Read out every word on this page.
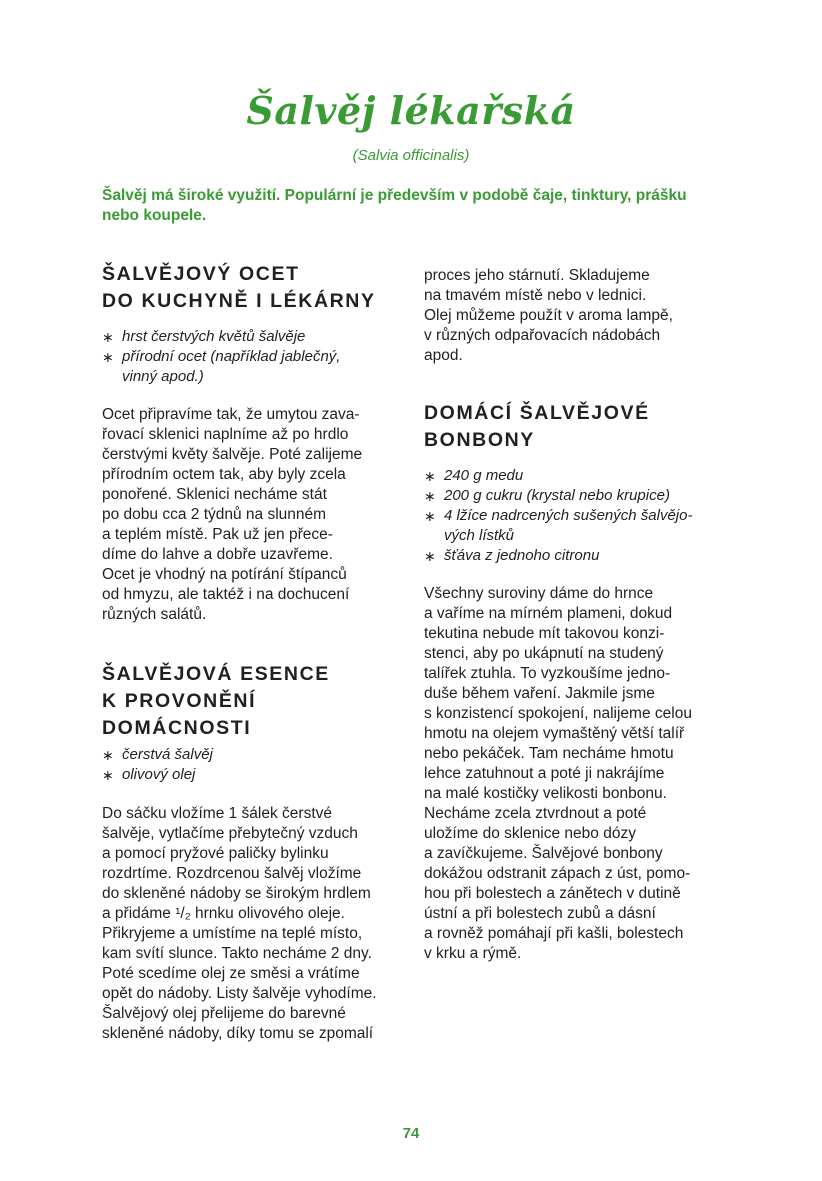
Šalvěj lékařská
(Salvia officinalis)
Šalvěj má široké využití. Populární je především v podobě čaje, tinktury, prášku
nebo koupele.
ŠALVĚJOVÝ OCET
DO KUCHYNĚ I LÉKÁRNY
∗ hrst čerstvých květů šalvěje
∗ přírodní ocet (například jablečný,
vinný apod.)
Ocet připravíme tak, že umytou zava-
řovací sklenici naplníme až po hrdlo
čerstvými květy šalvěje. Poté zalijeme
přírodním octem tak, aby byly zcela
ponořené. Sklenici necháme stát
po dobu cca 2 týdnů na slunném
a teplém místě. Pak už jen přece-
díme do lahve a dobře uzavřeme.
Ocet je vhodný na potírání štípanců
od hmyzu, ale taktéž i na dochucení
různých salátů.
ŠALVĚJOVÁ ESENCE
K PROVONĚNÍ
DOMÁCNOSTI
∗ čerstvá šalvěj
∗ olivový olej
Do sáčku vložíme 1 šálek čerstvé
šalvěje, vytlačíme přebytečný vzduch
a pomocí pryžové paličky bylinku
rozdrtíme. Rozdrcenou šalvěj vložíme
do skleněné nádoby se širokým hrdlem
a přidáme ¹/₂ hrnku olivového oleje.
Přikryjeme a umístíme na teplé místo,
kam svítí slunce. Takto necháme 2 dny.
Poté scedíme olej ze směsi a vrátíme
opět do nádoby. Listy šalvěje vyhodíme.
Šalvějový olej přelijeme do barevné
skleněné nádoby, díky tomu se zpomalí
proces jeho stárnutí. Skladujeme
na tmavém místě nebo v lednici.
Olej můžeme použít v aroma lampě,
v různých odpařovacích nádobách
apod.
DOMÁCÍ ŠALVĚJOVÉ
BONBONY
∗ 240 g medu
∗ 200 g cukru (krystal nebo krupice)
∗ 4 lžíce nadrcených sušených šalvějo-
vých lístků
∗ šťáva z jednoho citronu
Všechny suroviny dáme do hrnce
a vaříme na mírném plameni, dokud
tekutina nebude mít takovou konzi-
stenci, aby po ukápnutí na studený
talířek ztuhla. To vyzkoušíme jedno-
duše během vaření. Jakmile jsme
s konzistencí spokojení, nalijeme celou
hmotu na olejem vymaštěný větší talíř
nebo pekáček. Tam necháme hmotu
lehce zatuhnout a poté ji nakrájíme
na malé kostičky velikosti bonbonu.
Necháme zcela ztvrdnout a poté
uložíme do sklenice nebo dózy
a zavíčkujeme. Šalvějové bonbony
dokážou odstranit zápach z úst, pomo-
hou při bolestech a zánětech v dutině
ústní a při bolestech zubů a dásní
a rovněž pomáhají při kašli, bolestech
v krku a rýmě.
74
